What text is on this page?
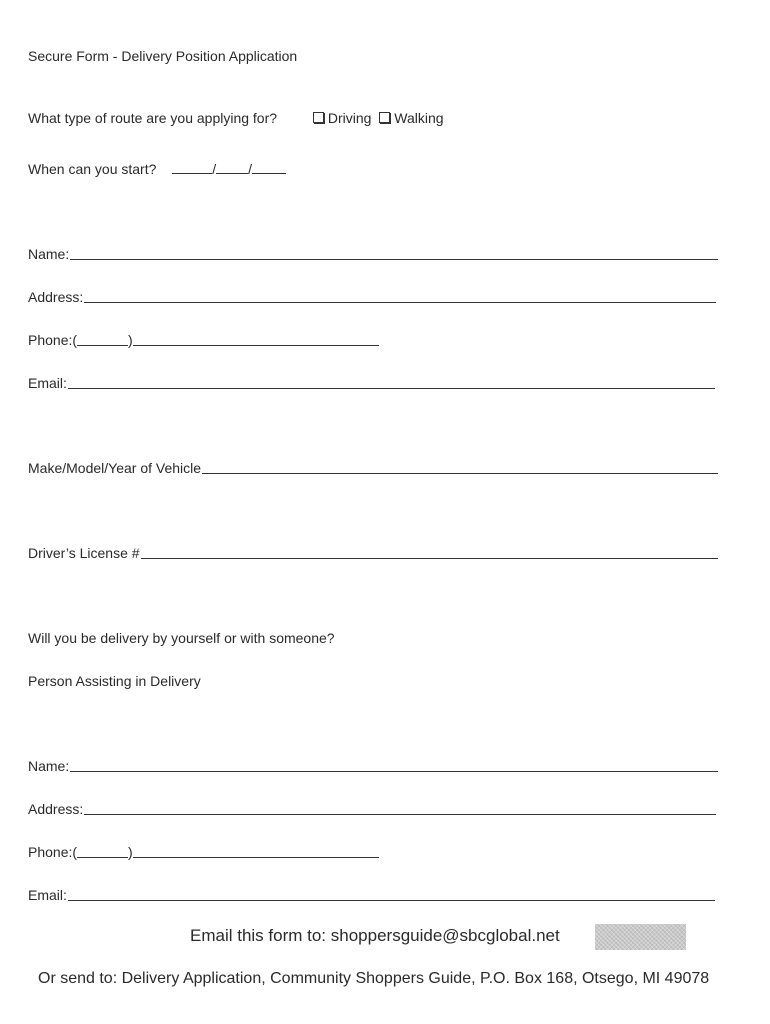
Secure Form - Delivery Position Application
What type of route are you applying for?	Driving Walking
When can you start?	/ /
Name:
Address:
Phone:(	)
Email:
Make/Model/Year of Vehicle
Driver’s License #
Will you be delivery by yourself or with someone?
Person Assisting in Delivery
Name:
Address:
Phone:(	)
Email:
Email this form to: shoppersguide@sbcglobal.net
Or send to: Delivery Application, Community Shoppers Guide, P.O. Box 168, Otsego, MI 49078
